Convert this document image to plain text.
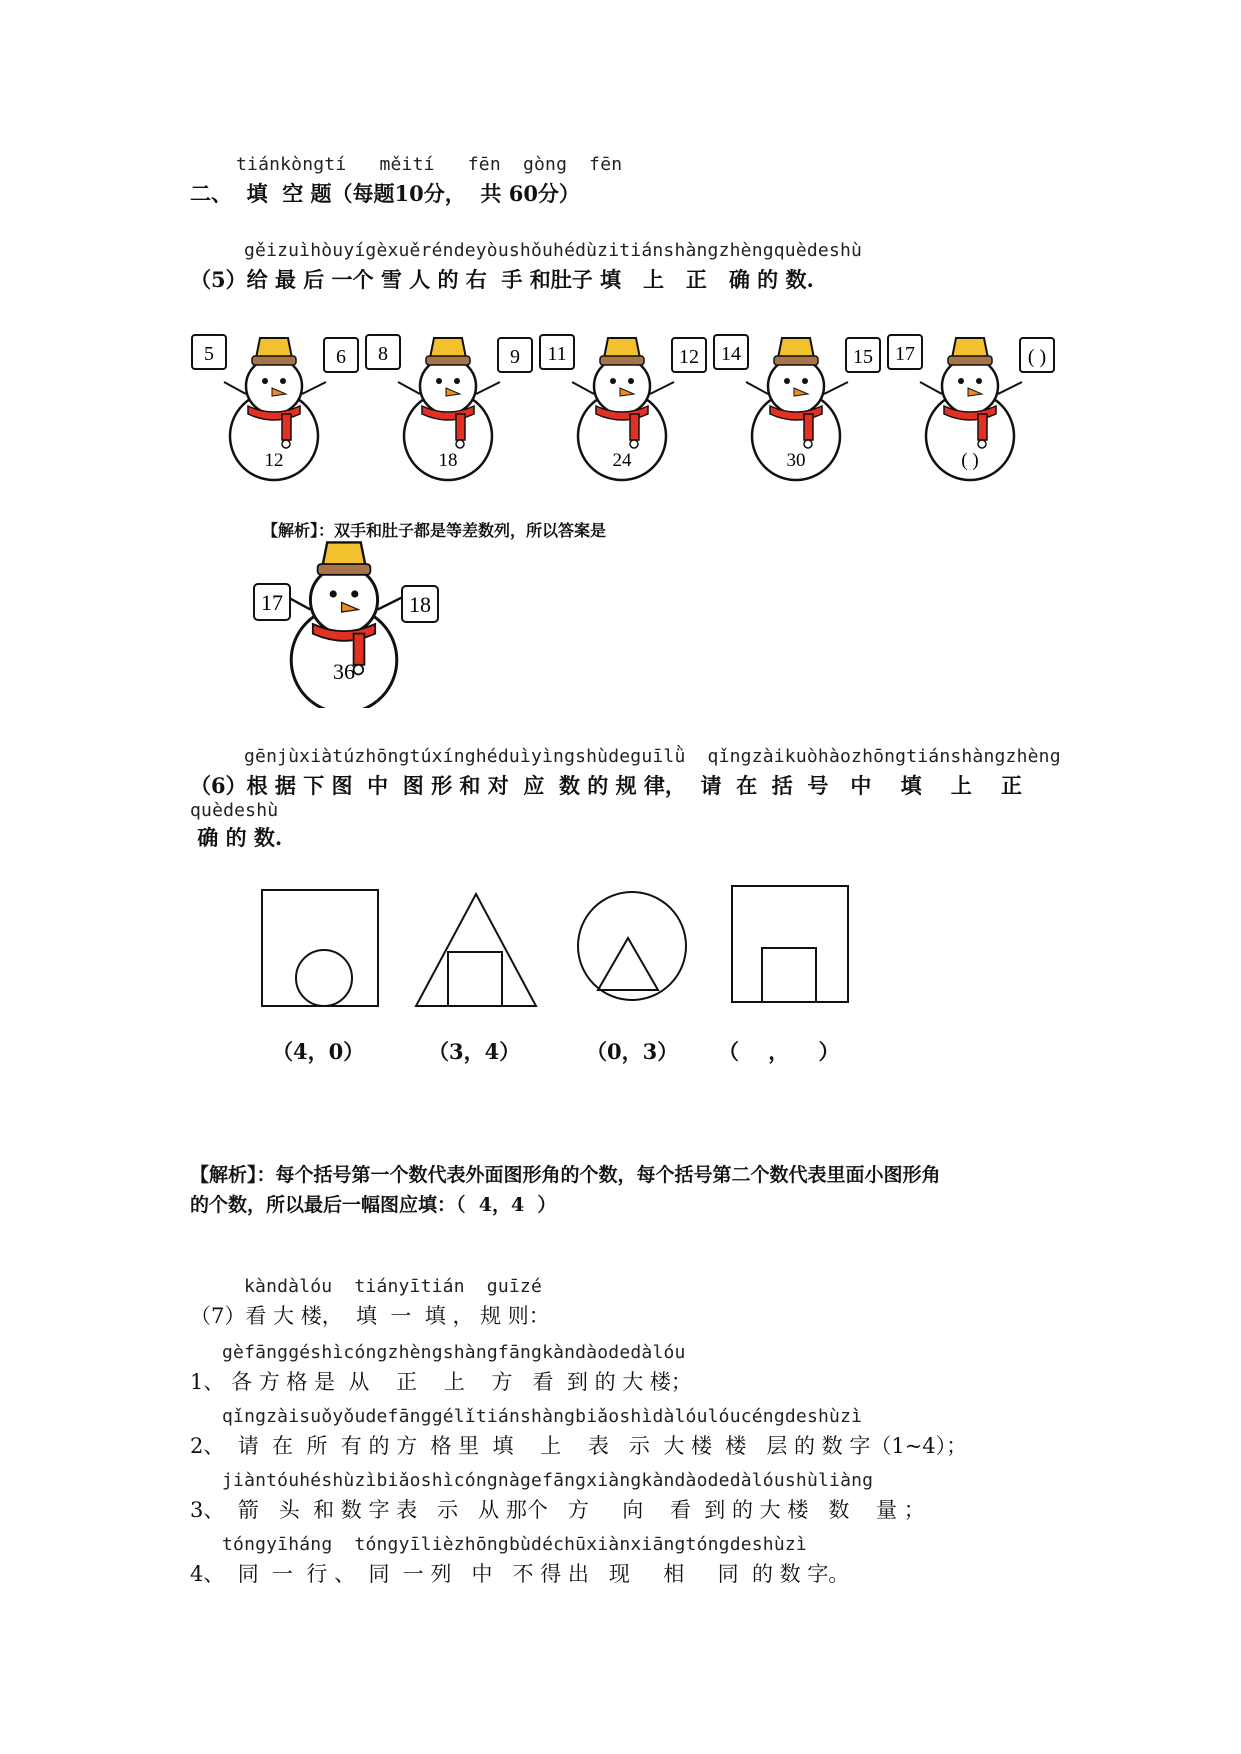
tiánkòngtí   měití   fēn  gòng  fēn
二、  填  空 题（每题10分，  共 60分）
gěizuìhòuyígèxuěréndeyòushǒuhédùzitiánshàngzhèngquèdeshù
（5）给 最 后 一个 雪 人 的 右  手 和肚子 填   上   正   确 的 数.
5	6
12
8	9
18
11	12
24
14	15
30
17	( )
( )
【解析】：双手和肚子都是等差数列，所以答案是
17	18
36
gēnjùxiàtúzhōngtúxínghéduìyìngshùdeguīlǜ  qǐngzàikuòhàozhōngtiánshàngzhèng
（6）根 据 下 图  中  图 形 和 对  应  数 的 规 律，  请  在  括  号   中    填    上    正
quèdeshù
确 的 数.
（4，0）	（3，4）	（0，3） （    ，    ）
【解析】：每个括号第一个数代表外面图形角的个数，每个括号第二个数代表里面小图形角
的个数，所以最后一幅图应填：（  4，4  ）
kàndàlóu  tiányītián  guīzé
（7）看 大 楼，  填  一  填 ， 规 则：
gèfānggéshìcóngzhèngshàngfāngkàndàodedàlóu
1、 各 方 格 是  从    正    上    方   看  到 的 大 楼；
qǐngzàisuǒyǒudefānggélǐtiánshàngbiǎoshìdàlóulóucéngdeshùzì
2、  请  在  所  有 的 方  格 里  填    上    表   示  大 楼  楼   层 的 数 字（1~4）；
jiàntóuhéshùzìbiǎoshìcóngnàgefāngxiàngkàndàodedàlóushùliàng
3、  箭   头  和 数 字 表   示   从 那个   方     向    看  到 的 大 楼   数    量 ；
tóngyīháng  tóngyīlièzhōngbùdéchūxiànxiāngtóngdeshùzì
4、  同  一  行 、  同  一 列   中   不 得 出   现     相     同  的 数 字。
